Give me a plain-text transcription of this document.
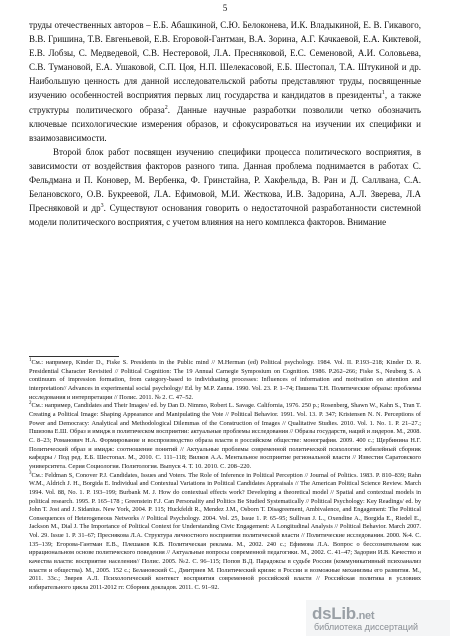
5

труды отечественных авторов – Е.Б. Абашкиной, С.Ю. Белоконева, И.К. Владыкиной, Е. В. Гикавого, В.В. Гришина, Т.В. Евгеньевой, Е.В. Егоровой-Гантман, В.А. Зорина, А.Г. Качкаевой, Е.А. Киктевой, Е.В. Лобзы, С. Медведевой, С.В. Нестеровой, Л.А. Пресняковой, Е.С. Семеновой, А.И. Соловьева, С.В. Тумановой, Е.А. Ушаковой, С.П. Цоя, Н.П. Шелекасовой, Е.Б. Шестопал, Т.А. Штукиной и др. Наибольшую ценность для данной исследовательской работы представляют труды, посвященные изучению особенностей восприятия первых лиц государства и кандидатов в президенты$^1$, а также структуры политического образа$^2$. Данные научные разработки позволили четко обозначить ключевые психологические измерения образов, и сфокусироваться на изучении их специфики и взаимозависимости.

Второй блок работ посвящен изучению специфики процесса политического восприятия, в зависимости от воздействия факторов разного типа. Данная проблема поднимается в работах С. Фельдмана и П. Коновер, М. Вербенка, Ф. Гринстайна, Р. Хакфельда, В. Ран и Д. Саллвана, С.А. Белановского, О.В. Букреевой, Л.А. Ефимовой, М.И. Жесткова, И.В. Задорина, А.Л. Зверева, Л.А Пресняковой и $др^3$. Существуют основания говорить о недостаточной разработанности системной модели политического восприятия, с учетом влияния на него комплекса факторов. Внимание

$^1$См.: например, Kinder D., Fiske S. Presidents in the Public mind // M.Herman (ed) Political psychology. 1984. Vol. II. P.193–218; Kinder D. R. Presidential Character Revisited // Political Cognition: The 19 Annual Carnegie Symposium on Cognition. 1986. P.262–266; Fiske S., Neuberg S. A continuum of impression formation, from category-based to individuating processes: Influences of information and motivation on attention and interpretation// Advances in experimental social psychology/ Ed. by M.P. Zanna. 1990. Vol. 23. P. 1–74; Пишева Т.Н. Политические образы: проблемы исследования и интерпретации // Полис. 2011. № 2. С. 47–52.

$^2$См.: например, Candidates and Their Images/ ed. by Dan D. Nimmo, Robert L. Savage. California, 1976. 250 p.; Rosenberg, Shawn W., Kahn S., Tran T. Creating a Political Image: Shaping Appearance and Manipulating the Vote // Political Behavior. 1991. Vol. 13. P. 347; Kristensen N. N. Perceptions of Power and Democracy: Analytical and Methodological Dilemmas of the Construction of Images // Qualitative Studies. 2010. Vol. 1. No. 1. P. 21–27.; Пшизова Е.Ш. Образ и имидж в политическом восприятии: актуальные проблемы исследования // Образы государств, наций и лидеров. М., 2008. С. 8–23; Романович Н.А. Формирование и воспроизводство образа власти в российском обществе: монография. 2009. 400 с.; Щербинина Н.Г. Политический образ и имидж: соотношение понятий // Актуальные проблемы современной политической психологии: юбилейный сборник кафедры / Под ред. Е.Б. Шестопал. М., 2010. С. 111–118; Вилков А.А. Ментальное восприятие региональной власти // Известия Саратовского университета. Серия Социология. Политология. Выпуск 4. Т. 10. 2010. С. 208–220.

$^3$См.: Feldman S, Conover P.J. Candidates, Issues and Voters. The Role of Inference in Political Perception // Journal of Politics. 1983. P. 810–839; Rahn W.M., Aldrich J. H., Borgida E. Individual and Contextual Variations in Political Candidates Appraisals // The American Political Science Review. March 1994. Vol. 88, No. 1. P. 193–199; Burbank M. J. How do contextual effects work? Developing a theoretical model // Spatial and contextual models in political research. 1995. P. 165–178 ; Greenstein F.J. Can Personality and Politics Be Studied Systematically // Political Psychology: Key Readings/ ed. by John T. Jost and J. Sidanius. New York, 2004. P. 115; Huckfeldt R., Mendez J.M., Osborn T. Disagreement, Ambivalence, and Engagement: The Political Consequences of Heterogeneous Networks // Political Psychology. 2004. Vol. 25, Issue 1. P. 65–95; Sullivan J. L., Oxendine A., Borgida E., Riedel E., Jackson M., Dial J. The Importance of Political Context for Understanding Civic Engagement: A Longitudinal Analysis // Political Behavior. March 2007. Vol. 29. Issue 1. P. 31–67; Преснякова Л.А. Структура личностного восприятия политической власти // Политические исследования. 2000. №4. С. 135–139; Егорова-Гантман Е.В., Плешаков К.В. Политическая реклама. М., 2002. 240 с.; Ефимова Л.А. Вопрос о бессознательном как иррациональном основе политического поведения // Актуальные вопросы современной педагогики. М., 2002. С. 41–47; Задорин И.В. Качество и качества власти: восприятие населения// Полис. 2005. №2. С. 96–115; Попов В.Д. Парадоксы в судьбе России (коммуникативный психоанализ власти и общества). М., 2005. 152 с.; Белановский С., Дмитриев М. Политический кризис в России и возможные механизмы его развития. М., 2011. 33с.; Зверев А.Л. Психологический контекст восприятия современной российской власти // Российская политика в условиях избирательного цикла 2011-2012 гг. Сборник докладов. 2011. С. 91–92.

dsLib.net
библиотека диссертаций
